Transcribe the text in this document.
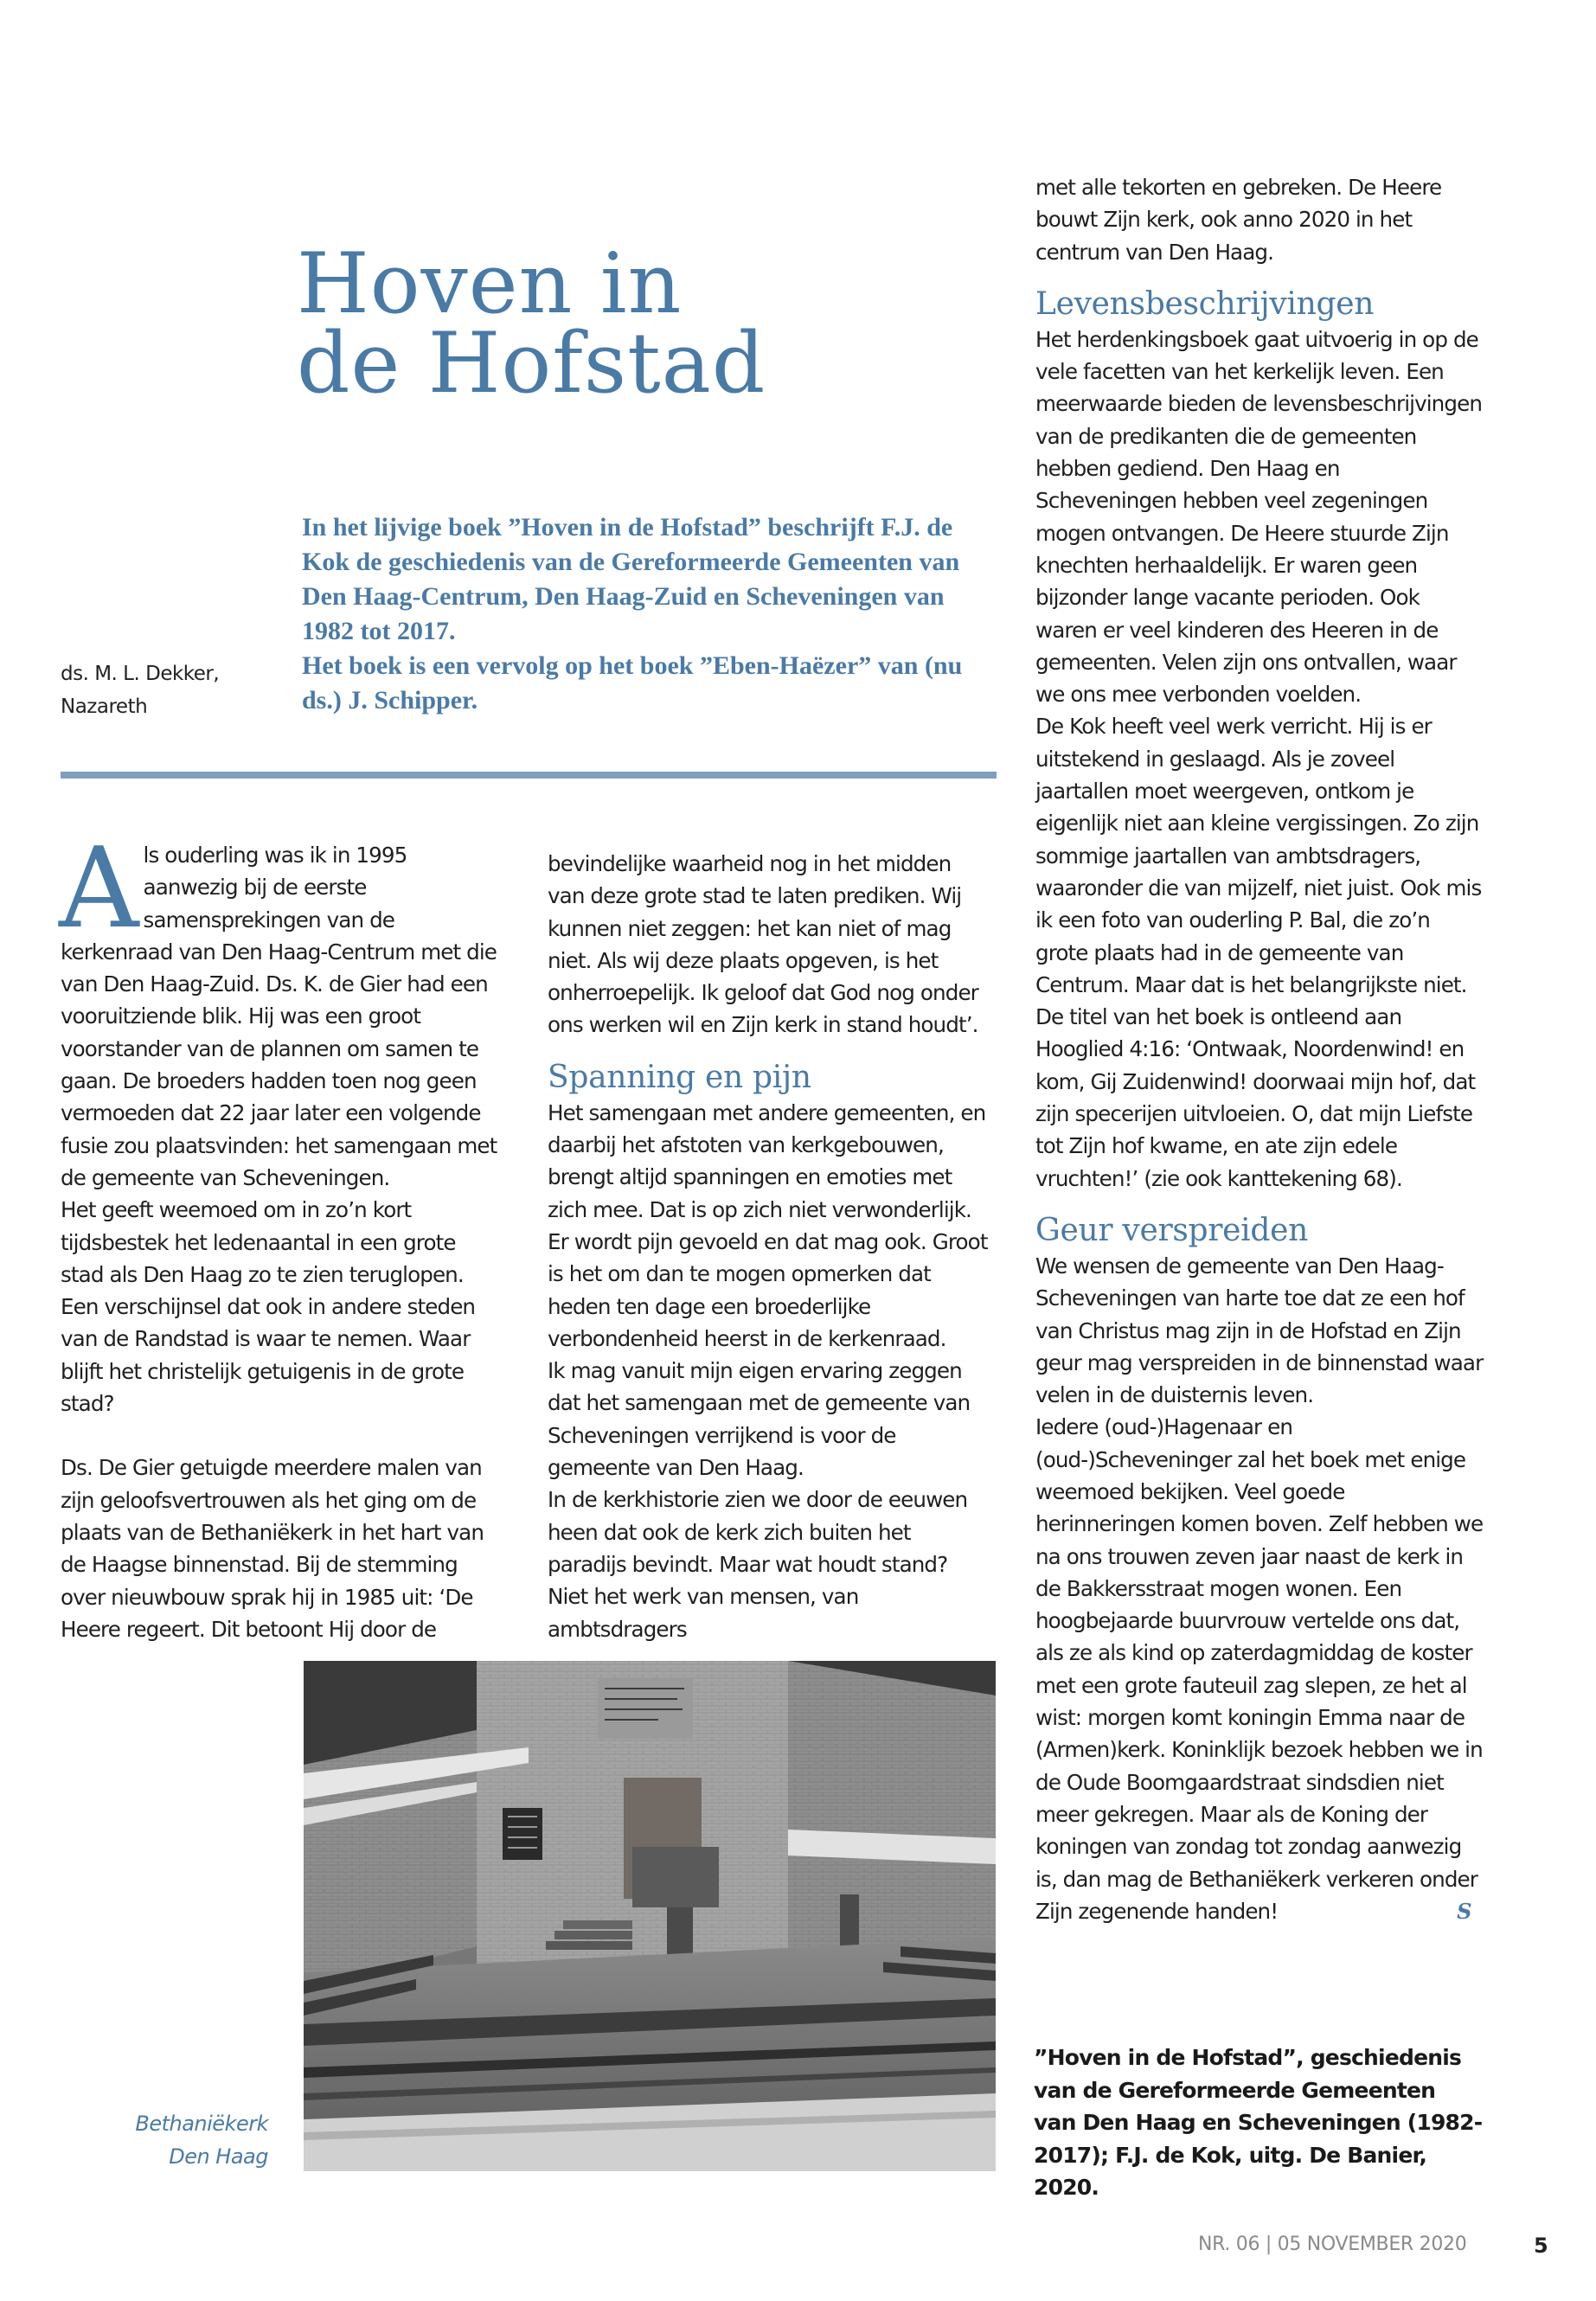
Hoven in
de Hofstad

In het lijvige boek ”Hoven in de Hofstad” beschrijft F.J. de Kok de geschiedenis van de Gereformeerde Gemeenten van Den Haag-Centrum, Den Haag-Zuid en Scheveningen van 1982 tot 2017.

Het boek is een vervolg op het boek ”Eben-Haëzer” van (nu ds.) J. Schipper.

ds. M. L. Dekker,
Nazareth

Als ouderling was ik in 1995 aanwezig bij de eerste samensprekingen van de kerkenraad van Den Haag-Centrum met die van Den Haag-Zuid. Ds. K. de Gier had een vooruitziende blik. Hij was een groot voorstander van de plannen om samen te gaan. De broeders hadden toen nog geen vermoeden dat 22 jaar later een volgende fusie zou plaatsvinden: het samengaan met de gemeente van Scheveningen.

Het geeft weemoed om in zo’n kort tijdsbestek het ledenaantal in een grote stad als Den Haag zo te zien teruglopen. Een verschijnsel dat ook in andere steden van de Randstad is waar te nemen. Waar blijft het christelijk getuigenis in de grote stad?

Ds. De Gier getuigde meerdere malen van zijn geloofsvertrouwen als het ging om de plaats van de Bethaniëkerk in het hart van de Haagse binnenstad. Bij de stemming over nieuwbouw sprak hij in 1985 uit: ‘De Heere regeert. Dit betoont Hij door de

bevindelijke waarheid nog in het midden van deze grote stad te laten prediken. Wij kunnen niet zeggen: het kan niet of mag niet. Als wij deze plaats opgeven, is het onherroepelijk. Ik geloof dat God nog onder ons werken wil en Zijn kerk in stand houdt’.

Spanning en pijn

Het samengaan met andere gemeenten, en daarbij het afstoten van kerkgebouwen, brengt altijd spanningen en emoties met zich mee. Dat is op zich niet verwonderlijk. Er wordt pijn gevoeld en dat mag ook. Groot is het om dan te mogen opmerken dat heden ten dage een broederlijke verbondenheid heerst in de kerkenraad.

Ik mag vanuit mijn eigen ervaring zeggen dat het samengaan met de gemeente van Scheveningen verrijkend is voor de gemeente van Den Haag.

In de kerkhistorie zien we door de eeuwen heen dat ook de kerk zich buiten het paradijs bevindt. Maar wat houdt stand? Niet het werk van mensen, van ambtsdragers

met alle tekorten en gebreken. De Heere bouwt Zijn kerk, ook anno 2020 in het centrum van Den Haag.

Levensbeschrijvingen

Het herdenkingsboek gaat uitvoerig in op de vele facetten van het kerkelijk leven. Een meerwaarde bieden de levensbeschrijvingen van de predikanten die de gemeenten hebben gediend. Den Haag en Scheveningen hebben veel zegeningen mogen ontvangen. De Heere stuurde Zijn knechten herhaaldelijk. Er waren geen bijzonder lange vacante perioden. Ook waren er veel kinderen des Heeren in de gemeenten. Velen zijn ons ontvallen, waar we ons mee verbonden voelden.

De Kok heeft veel werk verricht. Hij is er uitstekend in geslaagd. Als je zoveel jaartallen moet weergeven, ontkom je eigenlijk niet aan kleine vergissingen. Zo zijn sommige jaartallen van ambtsdragers, waaronder die van mijzelf, niet juist. Ook mis ik een foto van ouderling P. Bal, die zo’n grote plaats had in de gemeente van Centrum. Maar dat is het belangrijkste niet.

De titel van het boek is ontleend aan Hooglied 4:16: ‘Ontwaak, Noordenwind! en kom, Gij Zuidenwind! doorwaai mijn hof, dat zijn specerijen uitvloeien. O, dat mijn Liefste tot Zijn hof kwame, en ate zijn edele vruchten!’ (zie ook kanttekening 68).

Geur verspreiden

We wensen de gemeente van Den Haag-Scheveningen van harte toe dat ze een hof van Christus mag zijn in de Hofstad en Zijn geur mag verspreiden in de binnenstad waar velen in de duisternis leven.

Iedere (oud-)Hagenaar en (oud-)Scheveninger zal het boek met enige weemoed bekijken. Veel goede herinneringen komen boven. Zelf hebben we na ons trouwen zeven jaar naast de kerk in de Bakkersstraat mogen wonen. Een hoogbejaarde buurvrouw vertelde ons dat, als ze als kind op zaterdagmiddag de koster met een grote fauteuil zag slepen, ze het al wist: morgen komt koningin Emma naar de (Armen)kerk. Koninklijk bezoek hebben we in de Oude Boomgaardstraat sindsdien niet meer gekregen. Maar als de Koning der koningen van zondag tot zondag aanwezig is, dan mag de Bethaniëkerk verkeren onder Zijn zegenende handen!	S

Bethaniëkerk
Den Haag
”Hoven in de Hofstad”, geschiedenis van de Gereformeerde Gemeenten van Den Haag en Scheveningen (1982-2017); F.J. de Kok, uitg. De Banier, 2020.
NR. 06 | 05 NOVEMBER 2020	5
